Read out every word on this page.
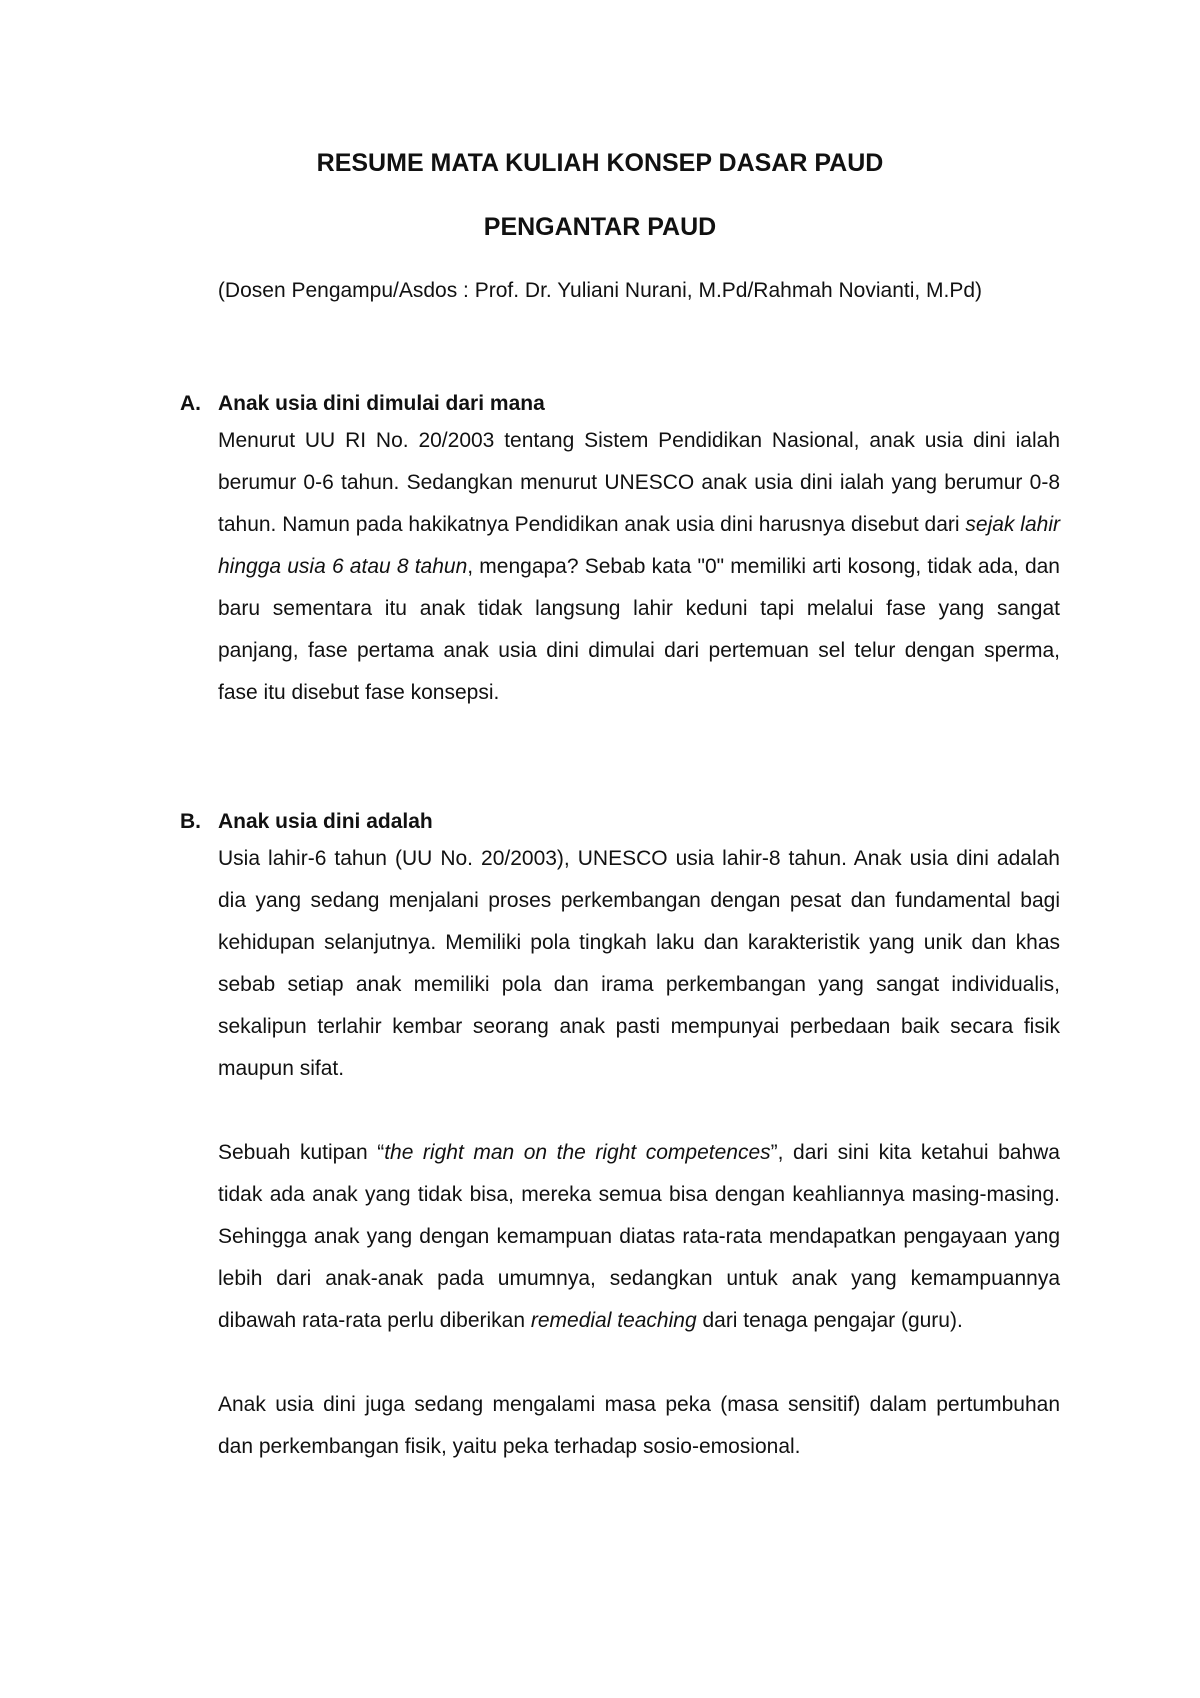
RESUME MATA KULIAH KONSEP DASAR PAUD
PENGANTAR PAUD
(Dosen Pengampu/Asdos : Prof. Dr. Yuliani Nurani, M.Pd/Rahmah Novianti, M.Pd)
A. Anak usia dini dimulai dari mana

Menurut UU RI No. 20/2003 tentang Sistem Pendidikan Nasional, anak usia dini ialah berumur 0-6 tahun. Sedangkan menurut UNESCO anak usia dini ialah yang berumur 0-8 tahun. Namun pada hakikatnya Pendidikan anak usia dini harusnya disebut dari sejak lahir hingga usia 6 atau 8 tahun, mengapa? Sebab kata "0" memiliki arti kosong, tidak ada, dan baru sementara itu anak tidak langsung lahir keduni tapi melalui fase yang sangat panjang, fase pertama anak usia dini dimulai dari pertemuan sel telur dengan sperma, fase itu disebut fase konsepsi.

B. Anak usia dini adalah

Usia lahir-6 tahun (UU No. 20/2003), UNESCO usia lahir-8 tahun. Anak usia dini adalah dia yang sedang menjalani proses perkembangan dengan pesat dan fundamental bagi kehidupan selanjutnya. Memiliki pola tingkah laku dan karakteristik yang unik dan khas sebab setiap anak memiliki pola dan irama perkembangan yang sangat individualis, sekalipun terlahir kembar seorang anak pasti mempunyai perbedaan baik secara fisik maupun sifat.

Sebuah kutipan “the right man on the right competences”, dari sini kita ketahui bahwa tidak ada anak yang tidak bisa, mereka semua bisa dengan keahliannya masing-masing. Sehingga anak yang dengan kemampuan diatas rata-rata mendapatkan pengayaan yang lebih dari anak-anak pada umumnya, sedangkan untuk anak yang kemampuannya dibawah rata-rata perlu diberikan remedial teaching dari tenaga pengajar (guru).

Anak usia dini juga sedang mengalami masa peka (masa sensitif) dalam pertumbuhan dan perkembangan fisik, yaitu peka terhadap sosio-emosional.
